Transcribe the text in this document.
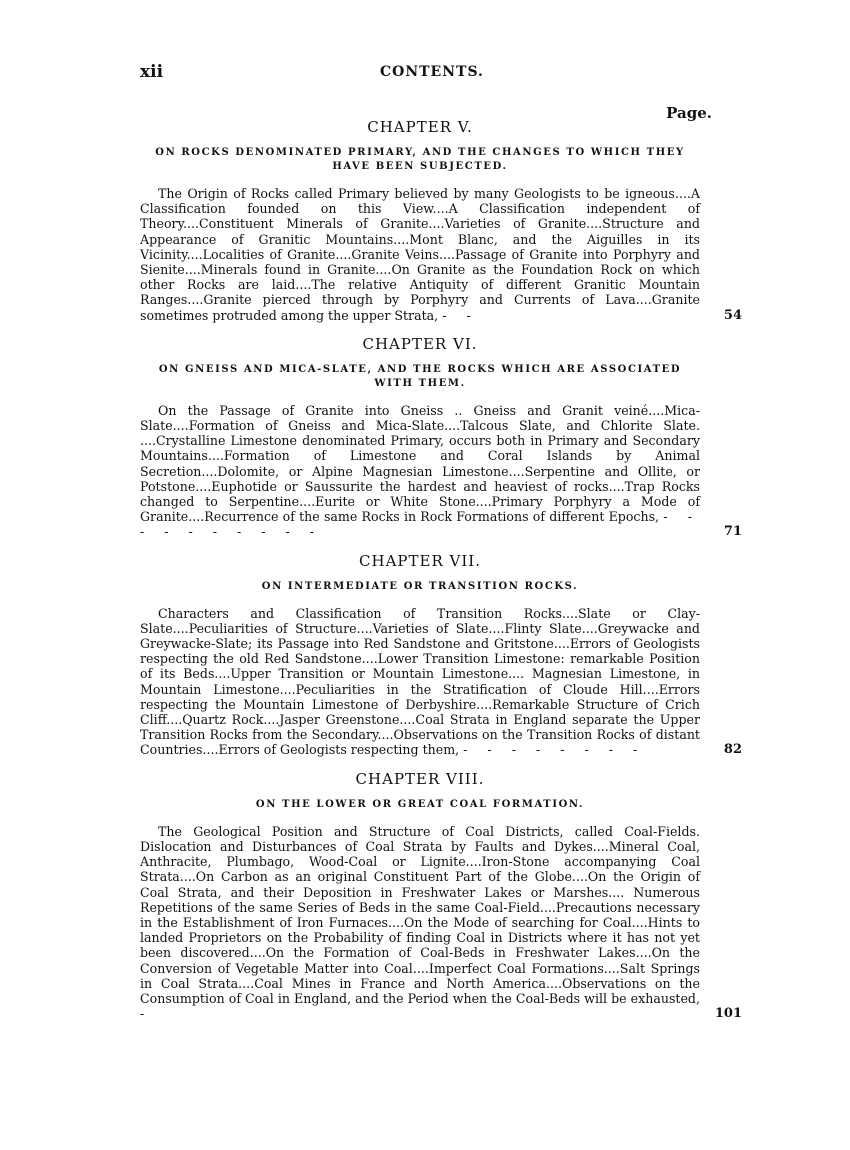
xii	CONTENTS.
Page.
CHAPTER V.
ON ROCKS DENOMINATED PRIMARY, AND THE CHANGES TO WHICH THEY HAVE BEEN SUBJECTED.
The Origin of Rocks called Primary believed by many Geologists to be igneous....A Classification founded on this View....A Classification independent of Theory....Constituent Minerals of Granite....Varieties of Granite....Structure and Appearance of Granitic Mountains....Mont Blanc, and the Aiguilles in its Vicinity....Localities of Granite....Granite Veins....Passage of Granite into Porphyry and Sienite....Minerals found in Granite....On Granite as the Foundation Rock on which other Rocks are laid....The relative Antiquity of different Granitic Mountain Ranges....Granite pierced through by Porphyry and Currents of Lava....Granite sometimes protruded among the upper Strata, - -	54
CHAPTER VI.
ON GNEISS AND MICA-SLATE, AND THE ROCKS WHICH ARE ASSOCIATED WITH THEM.
On the Passage of Granite into Gneiss .. Gneiss and Granit veiné....Mica-Slate....Formation of Gneiss and Mica-Slate....Talcous Slate, and Chlorite Slate. ....Crystalline Limestone denominated Primary, occurs both in Primary and Secondary Mountains....Formation of Limestone and Coral Islands by Animal Secretion....Dolomite, or Alpine Magnesian Limestone....Serpentine and Ollite, or Potstone....Euphotide or Saussurite the hardest and heaviest of rocks....Trap Rocks changed to Serpentine....Eurite or White Stone....Primary Porphyry a Mode of Granite....Recurrence of the same Rocks in Rock Formations of different Epochs, - - - - - - - - - -	71
CHAPTER VII.
ON INTERMEDIATE OR TRANSITION ROCKS.
Characters and Classification of Transition Rocks....Slate or Clay-Slate....Peculiarities of Structure....Varieties of Slate....Flinty Slate....Greywacke and Greywacke-Slate; its Passage into Red Sandstone and Gritstone....Errors of Geologists respecting the old Red Sandstone....Lower Transition Limestone: remarkable Position of its Beds....Upper Transition or Mountain Limestone.... Magnesian Limestone, in Mountain Limestone....Peculiarities in the Stratification of Cloude Hill....Errors respecting the Mountain Limestone of Derbyshire....Remarkable Structure of Crich Cliff....Quartz Rock....Jasper Greenstone....Coal Strata in England separate the Upper Transition Rocks from the Secondary....Observations on the Transition Rocks of distant Countries....Errors of Geologists respecting them, - - - - - - - -	82
CHAPTER VIII.
ON THE LOWER OR GREAT COAL FORMATION.
The Geological Position and Structure of Coal Districts, called Coal-Fields. Dislocation and Disturbances of Coal Strata by Faults and Dykes....Mineral Coal, Anthracite, Plumbago, Wood-Coal or Lignite....Iron-Stone accompanying Coal Strata....On Carbon as an original Constituent Part of the Globe....On the Origin of Coal Strata, and their Deposition in Freshwater Lakes or Marshes.... Numerous Repetitions of the same Series of Beds in the same Coal-Field....Precautions necessary in the Establishment of Iron Furnaces....On the Mode of searching for Coal....Hints to landed Proprietors on the Probability of finding Coal in Districts where it has not yet been discovered....On the Formation of Coal-Beds in Freshwater Lakes....On the Conversion of Vegetable Matter into Coal....Imperfect Coal Formations....Salt Springs in Coal Strata....Coal Mines in France and North America....Observations on the Consumption of Coal in England, and the Period when the Coal-Beds will be exhausted, -	101
